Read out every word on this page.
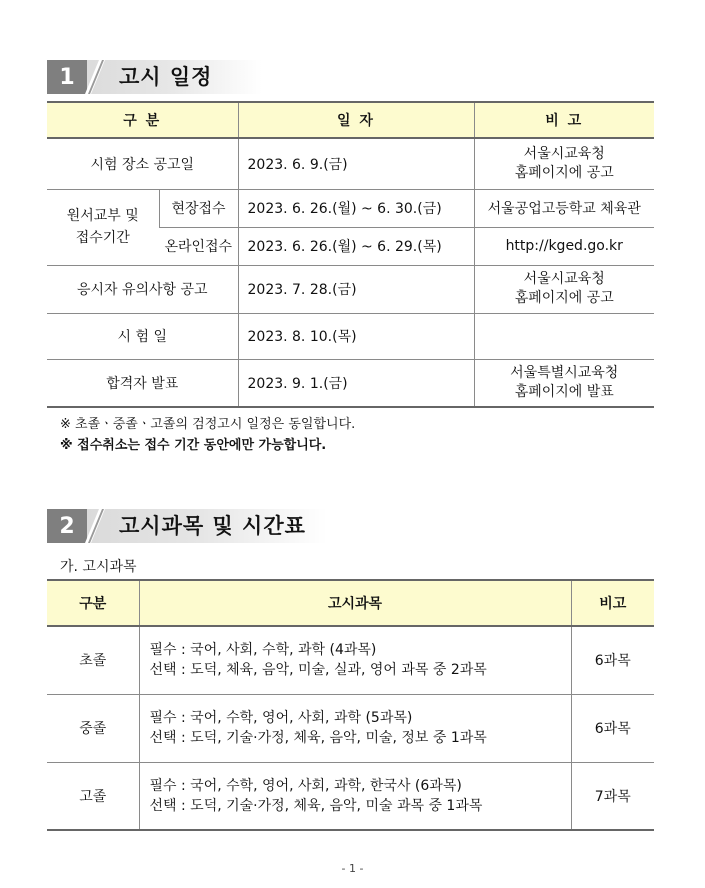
1	고시 일정
구 분		일 자	비 고
시험 장소 공고일		2023. 6. 9.(금)	서울시교육청
홈페이지에 공고

원서교부 및
접수기간	현장접수	2023. 6. 26.(월) ~ 6. 30.(금)	서울공업고등학교 체육관
	온라인접수	2023. 6. 26.(월) ~ 6. 29.(목)	http://kged.go.kr
응시자 유의사항 공고		2023. 7. 28.(금)	서울시교육청
홈페이지에 공고

시 험 일		2023. 8. 10.(목)	
합격자 발표		2023. 9. 1.(금)	서울특별시교육청
홈페이지에 발표
※ 초졸ㆍ중졸ㆍ고졸의 검정고시 일정은 동일합니다.
※ 접수취소는 접수 기간 동안에만 가능합니다.
2	고시과목 및 시간표
가. 고시과목
구분	고시과목	비고
초졸	필수 : 국어, 사회, 수학, 과학 (4과목)
선택 : 도덕, 체육, 음악, 미술, 실과, 영어 과목 중 2과목	6과목
중졸	필수 : 국어, 수학, 영어, 사회, 과학 (5과목)
선택 : 도덕, 기술·가정, 체육, 음악, 미술, 정보 중 1과목	6과목
고졸	필수 : 국어, 수학, 영어, 사회, 과학, 한국사 (6과목)
선택 : 도덕, 기술·가정, 체육, 음악, 미술 과목 중 1과목	7과목
- 1 -
